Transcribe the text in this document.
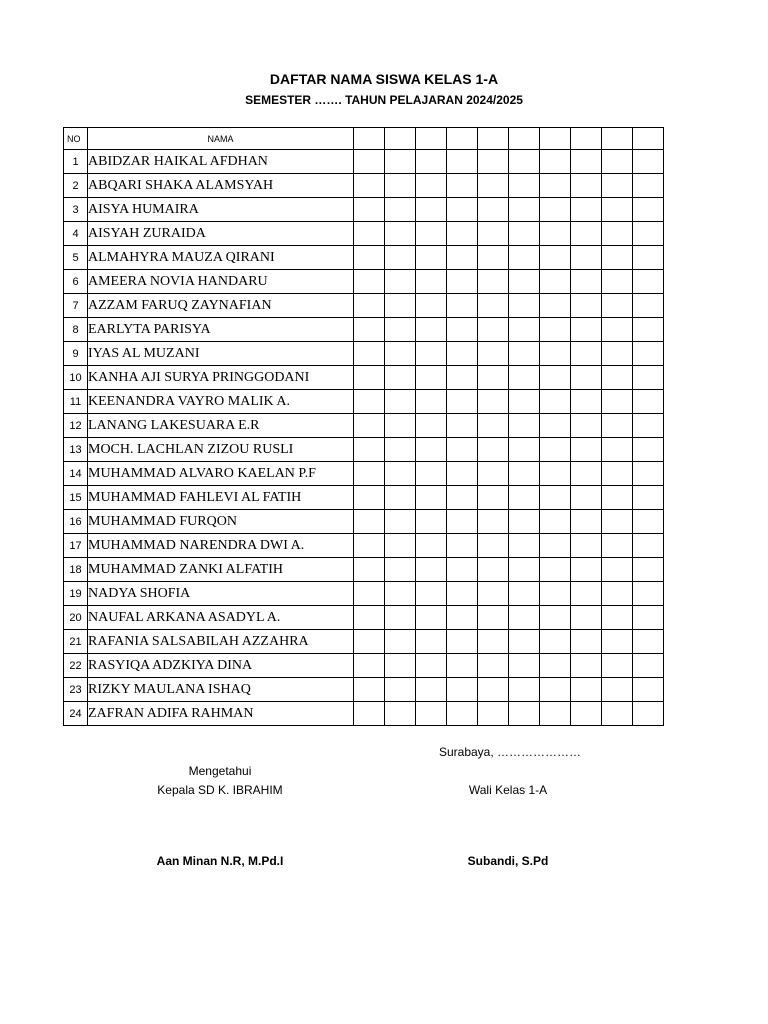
DAFTAR NAMA SISWA KELAS 1-A
SEMESTER ……. TAHUN PELAJARAN 2024/2025
NO	NAMA										
1	ABIDZAR HAIKAL AFDHAN										
2	ABQARI SHAKA ALAMSYAH										
3	AISYA HUMAIRA										
4	AISYAH ZURAIDA										
5	ALMAHYRA MAUZA QIRANI										
6	AMEERA NOVIA HANDARU										
7	AZZAM FARUQ ZAYNAFIAN										
8	EARLYTA PARISYA										
9	IYAS AL MUZANI										
10	KANHA AJI SURYA PRINGGODANI										
11	KEENANDRA VAYRO MALIK A.										
12	LANANG LAKESUARA E.R										
13	MOCH. LACHLAN ZIZOU RUSLI										
14	MUHAMMAD ALVARO KAELAN P.F										
15	MUHAMMAD FAHLEVI AL FATIH										
16	MUHAMMAD FURQON										
17	MUHAMMAD NARENDRA DWI A.										
18	MUHAMMAD ZANKI ALFATIH										
19	NADYA SHOFIA										
20	NAUFAL ARKANA ASADYL A.										
21	RAFANIA SALSABILAH AZZAHRA										
22	RASYIQA ADZKIYA DINA										
23	RIZKY MAULANA ISHAQ										
24	ZAFRAN ADIFA RAHMAN										
Surabaya, …………………
Mengetahui
Kepala SD K. IBRAHIM	Wali Kelas 1-A
Aan Minan N.R, M.Pd.I	Subandi, S.Pd
